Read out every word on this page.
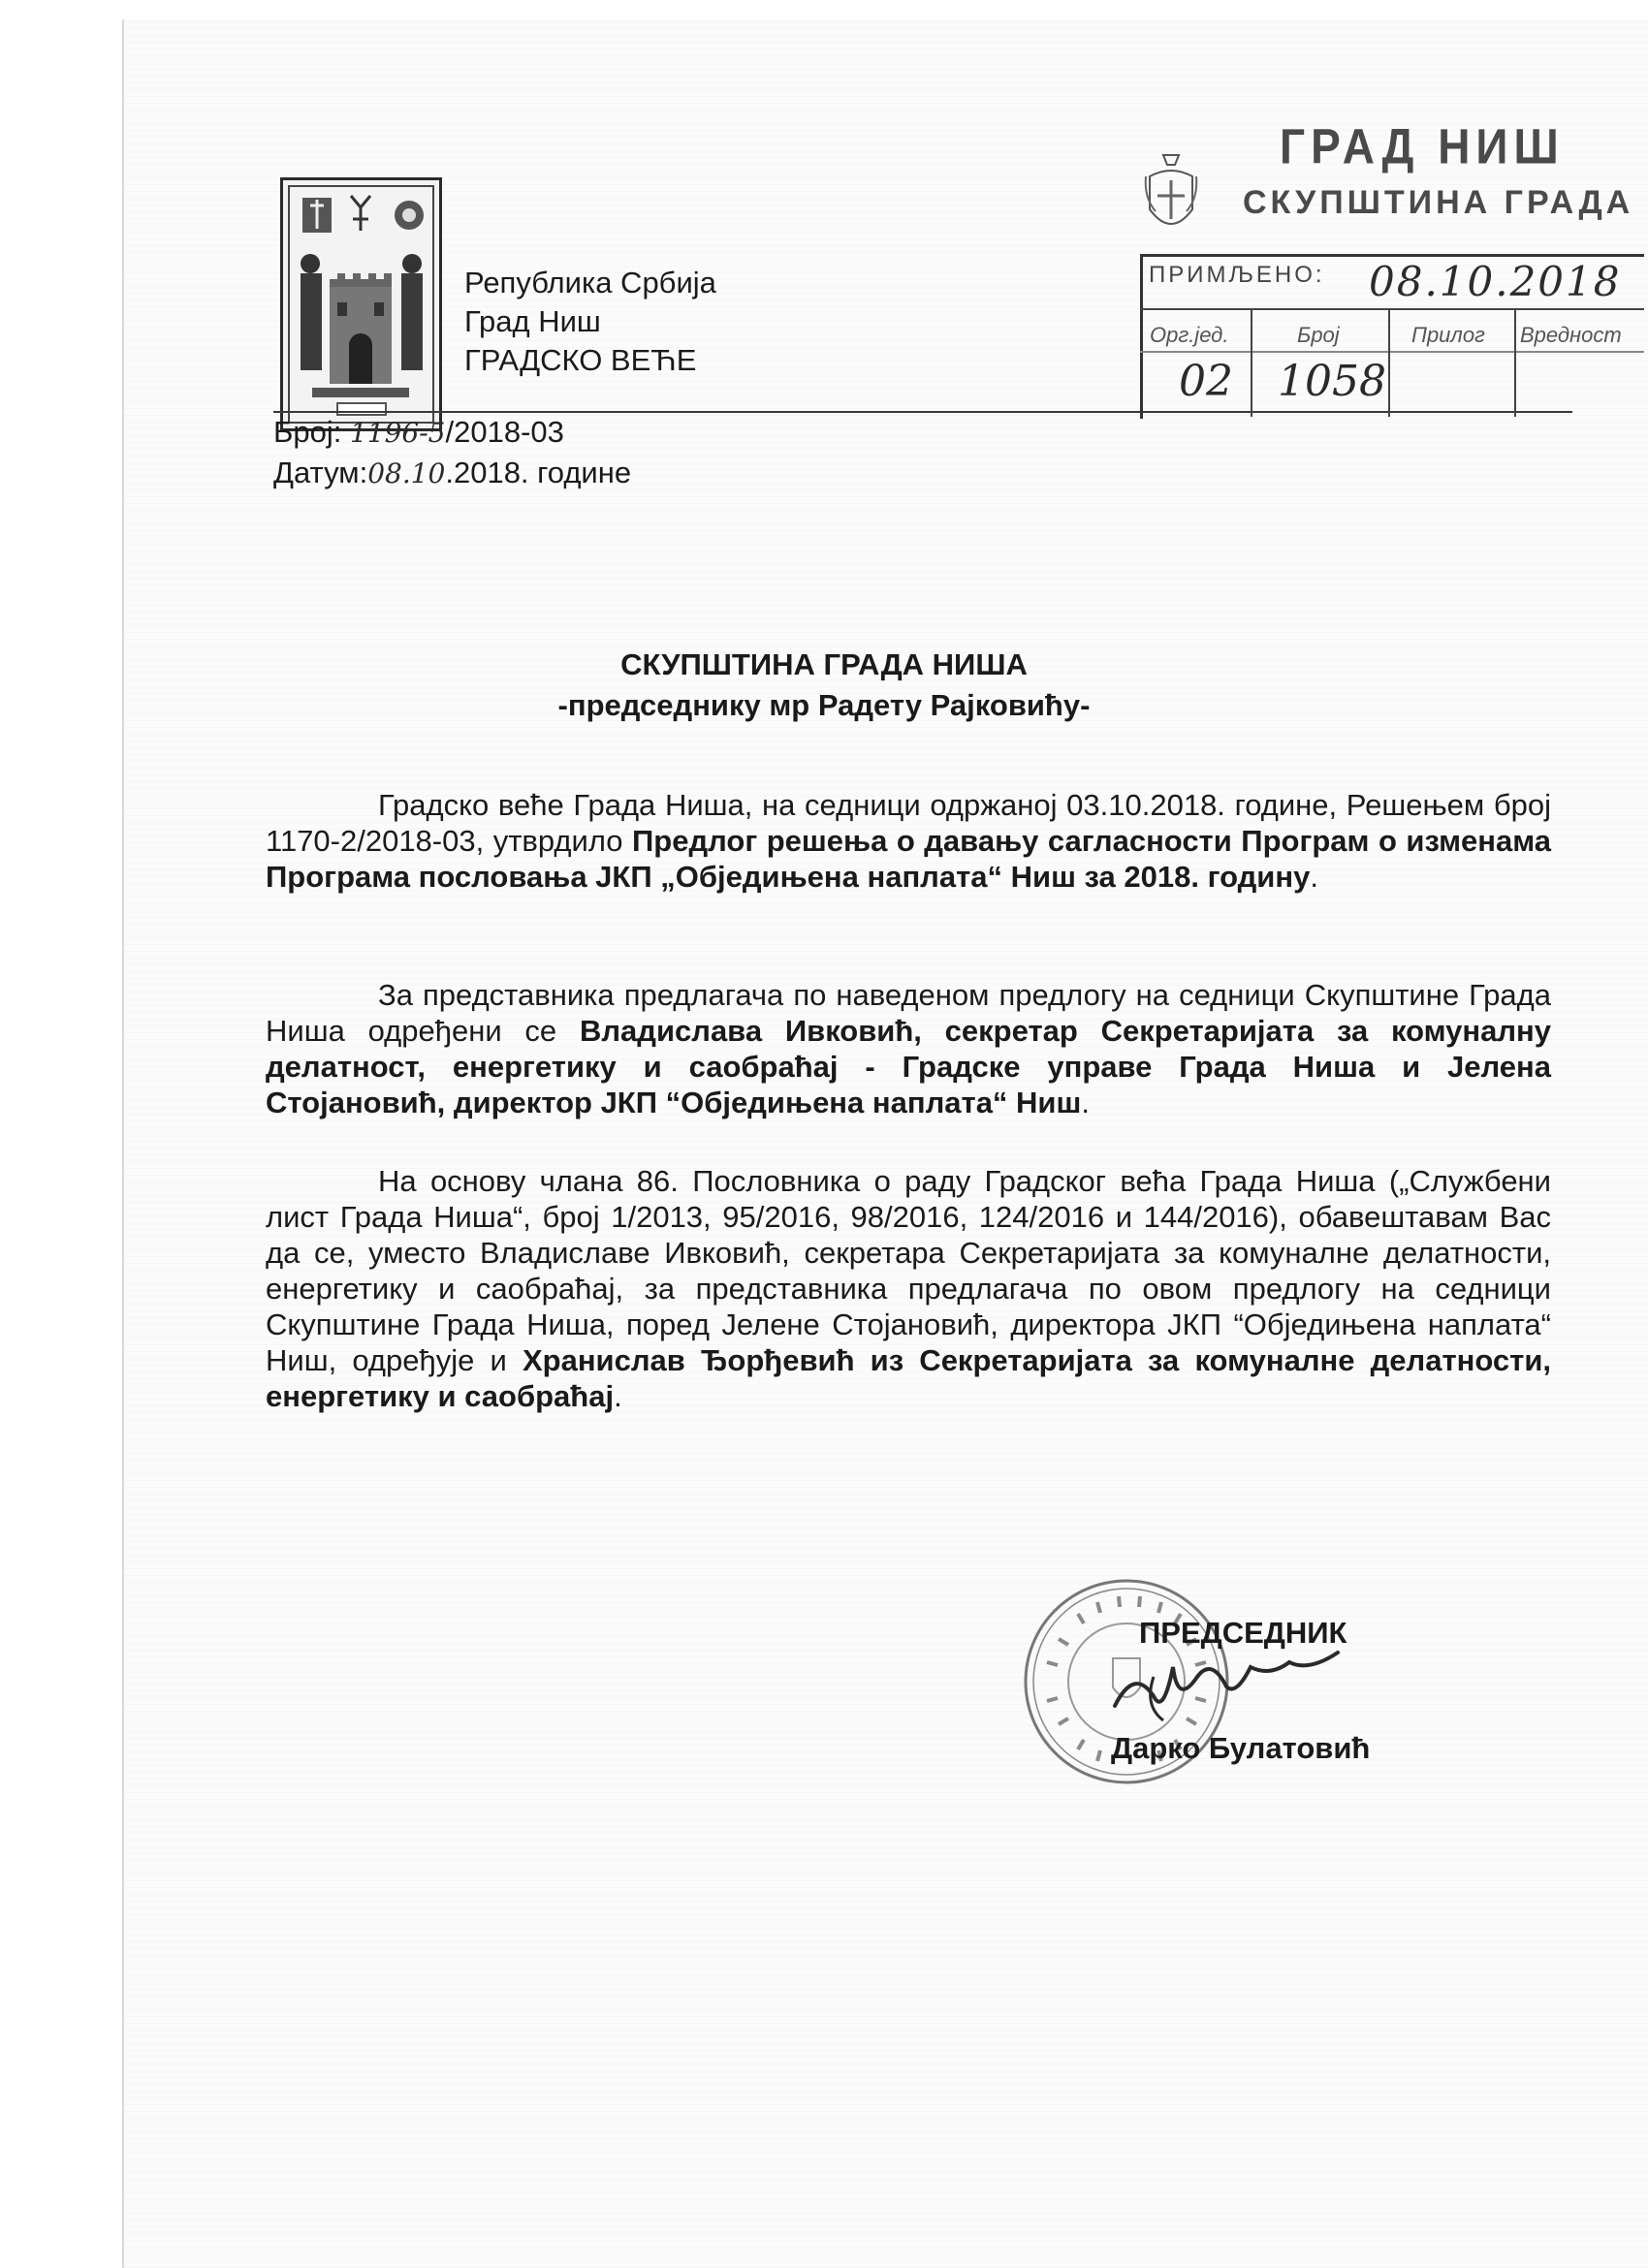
Република Србија
Град Ниш
ГРАДСКО ВЕЋЕ
Број: 1196-5/2018-03
Датум:08.10.2018. године
ГРАД НИШ
СКУПШТИНА ГРАДА
ПРИМЉЕНО: 08.10.2018
Орг.јед.	Број	Прилог Вредност
02 1058
СКУПШТИНА ГРАДА НИША
-председнику мр Радету Рајковићу-
Градско веће Града Ниша, на седници одржаној 03.10.2018. године, Решењем број 1170-2/2018-03, утврдило Предлог решења о давању сагласности Програм о изменама Програма пословања ЈКП „Обједињена наплата“ Ниш за 2018. годину.
За представника предлагача по наведеном предлогу на седници Скупштине Града Ниша одређени се Владислава Ивковић, секретар Секретаријата за комуналну делатност, енергетику и саобраћај - Градске управе Града Ниша и Јелена Стојановић, директор ЈКП “Обједињена наплата“ Ниш.
На основу члана 86. Пословника о раду Градског већа Града Ниша („Службени лист Града Ниша“, број 1/2013, 95/2016, 98/2016, 124/2016 и 144/2016), обавештавам Вас да се, уместо Владиславе Ивковић, секретара Секретаријата за комуналне делатности, енергетику и саобраћај, за представника предлагача по овом предлогу на седници Скупштине Града Ниша, поред Јелене Стојановић, директора ЈКП “Обједињена наплата“ Ниш, одређује и Хранислав Ђорђевић из Секретаријата за комуналне делатности, енергетику и саобраћај.
ПРЕДСЕДНИК
Дарко Булатовић
